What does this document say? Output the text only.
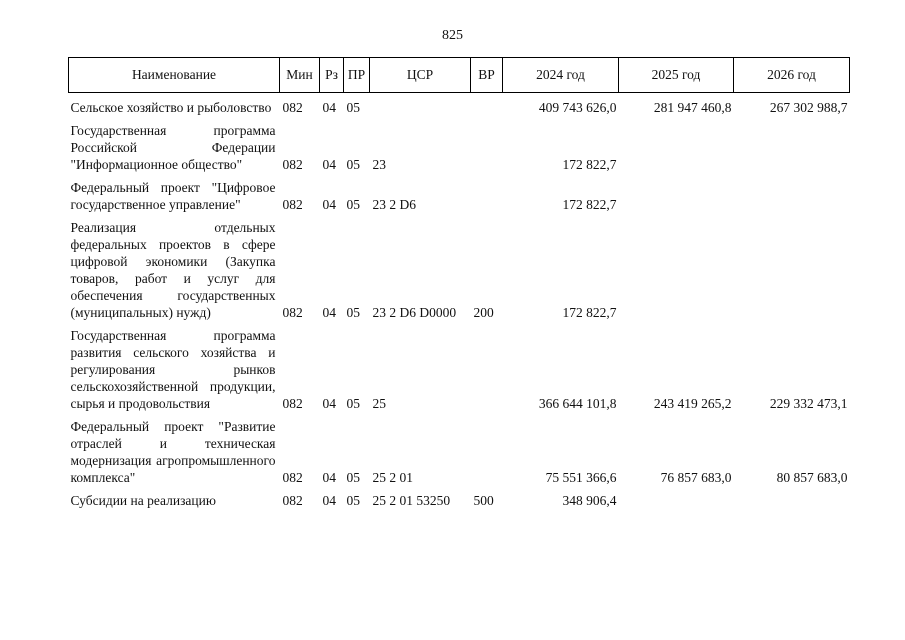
825
Наименование	Мин	Рз	ПР	ЦСР	ВР	2024 год	2025 год	2026 год
Сельское хозяйство и рыболовство	082	04	05			409 743 626,0	281 947 460,8	267 302 988,7
Государственная программа Российской Федерации "Информационное общество"	082	04	05	23		172 822,7		
Федеральный проект "Цифровое государственное управление"	082	04	05	23 2 D6		172 822,7		
Реализация отдельных федеральных проектов в сфере цифровой экономики (Закупка товаров, работ и услуг для обеспечения государственных (муниципальных) нужд)	082	04	05	23 2 D6 D0000	200	172 822,7		
Государственная программа развития сельского хозяйства и регулирования рынков сельскохозяйственной продукции, сырья и продовольствия	082	04	05	25		366 644 101,8	243 419 265,2	229 332 473,1
Федеральный проект "Развитие отраслей и техническая модернизация агропромышленного комплекса"	082	04	05	25 2 01		75 551 366,6	76 857 683,0	80 857 683,0
Субсидии на реализацию	082	04	05	25 2 01 53250	500	348 906,4		
